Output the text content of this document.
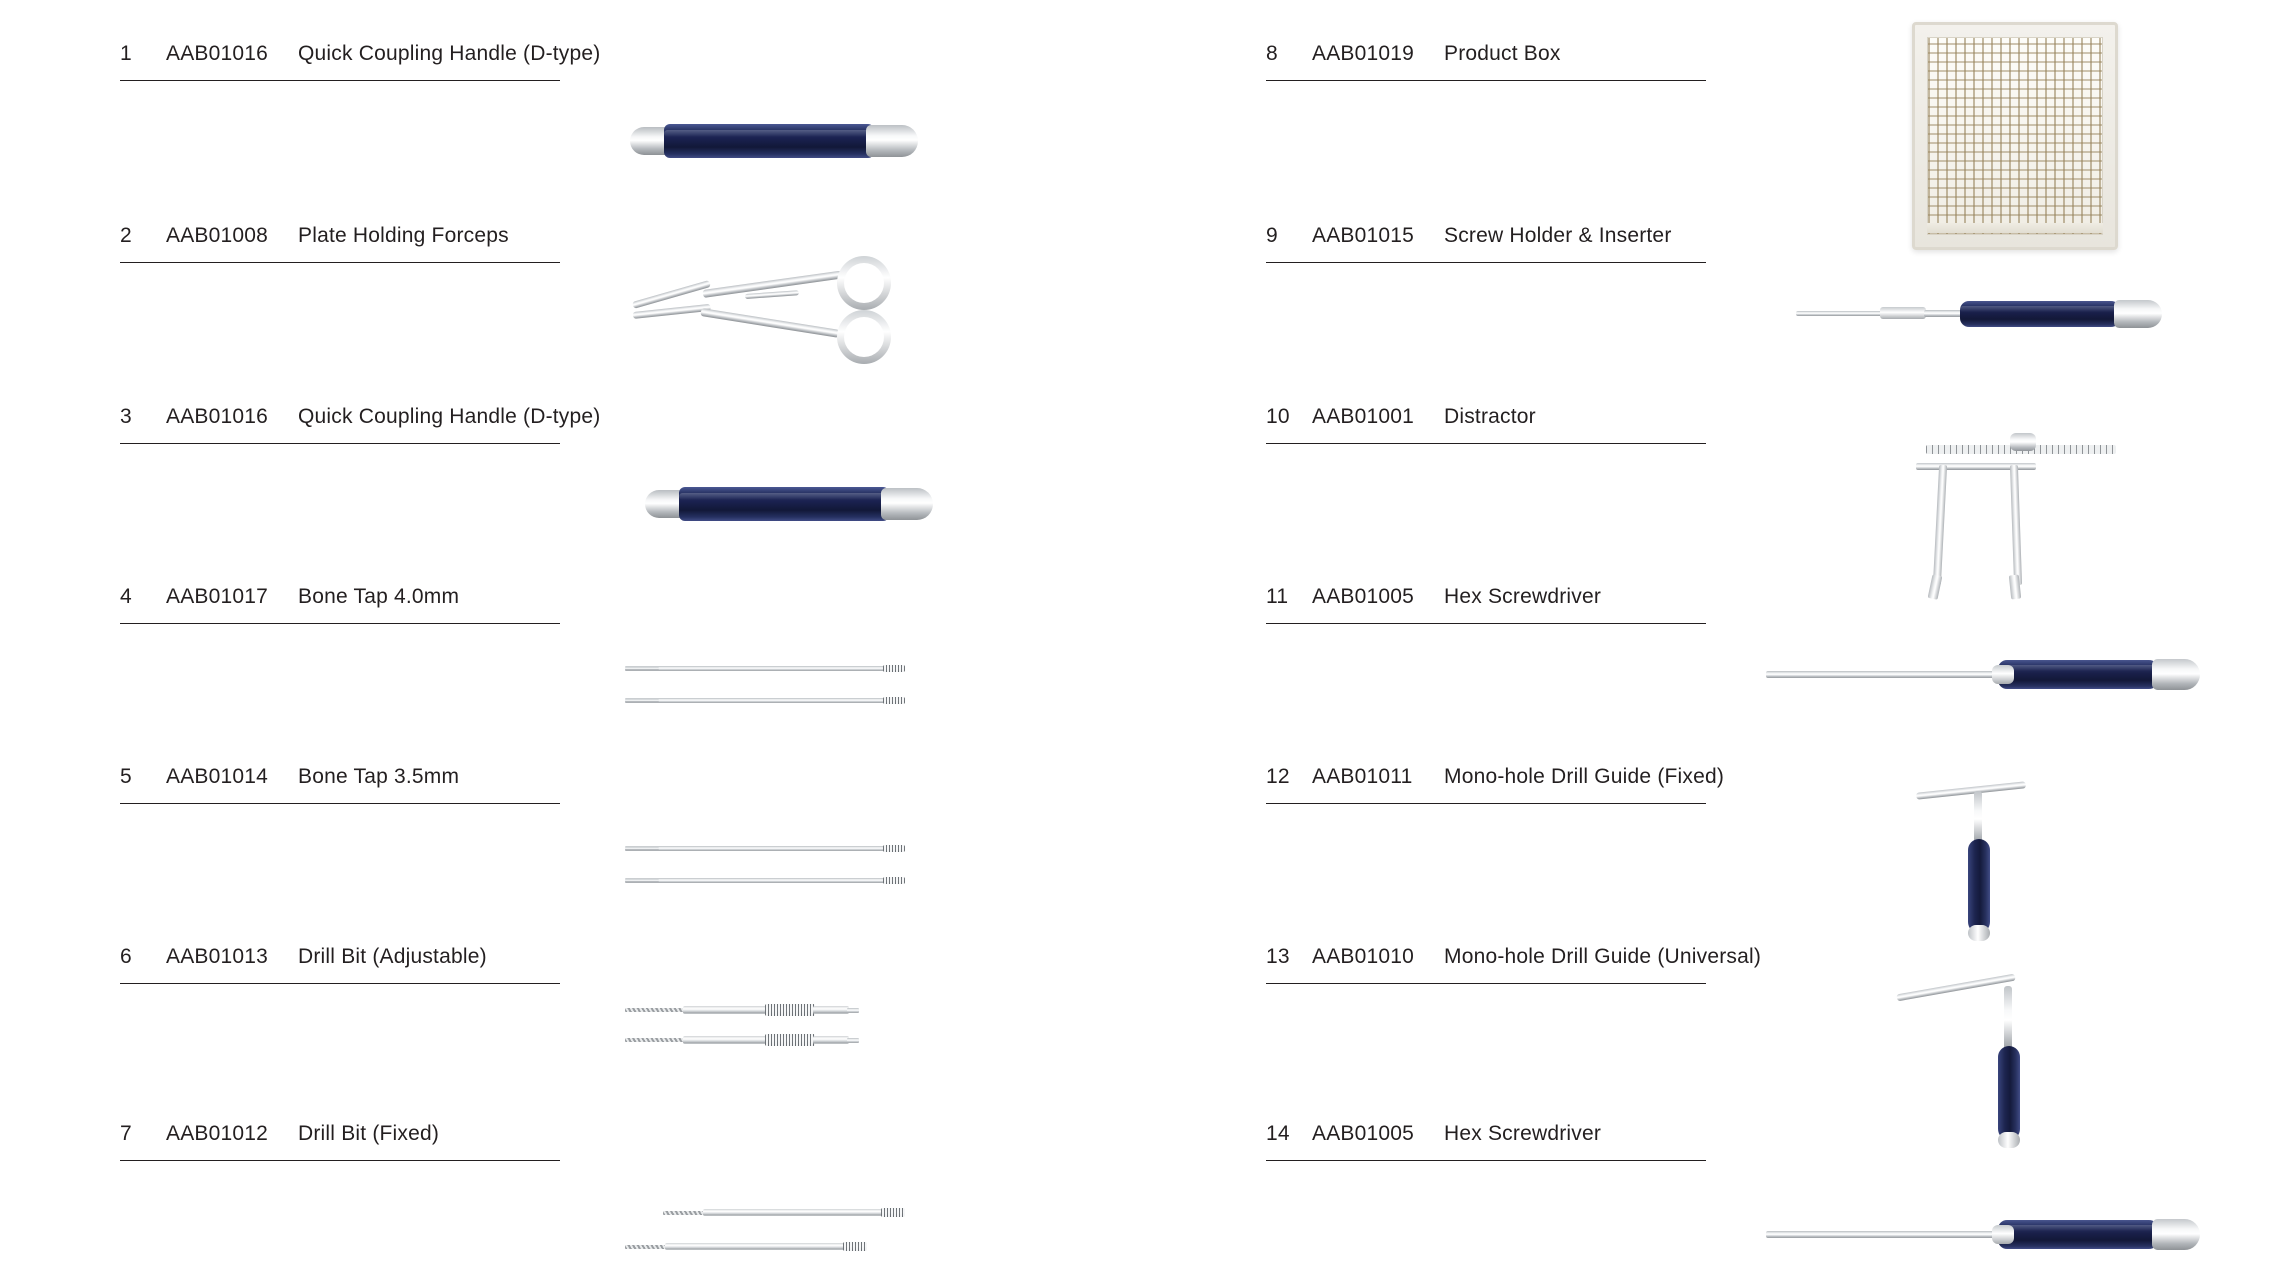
1 AAB01016 Quick Coupling Handle (D-type)
2 AAB01008 Plate Holding Forceps
3 AAB01016 Quick Coupling Handle (D-type)
4 AAB01017 Bone Tap 4.0mm
5 AAB01014 Bone Tap 3.5mm
6 AAB01013 Drill Bit (Adjustable)
7 AAB01012 Drill Bit (Fixed)
8 AAB01019 Product Box
9 AAB01015 Screw Holder & Inserter
10 AAB01001 Distractor
11 AAB01005 Hex Screwdriver
12 AAB01011 Mono-hole Drill Guide (Fixed)
13 AAB01010 Mono-hole Drill Guide (Universal)
14 AAB01005 Hex Screwdriver
